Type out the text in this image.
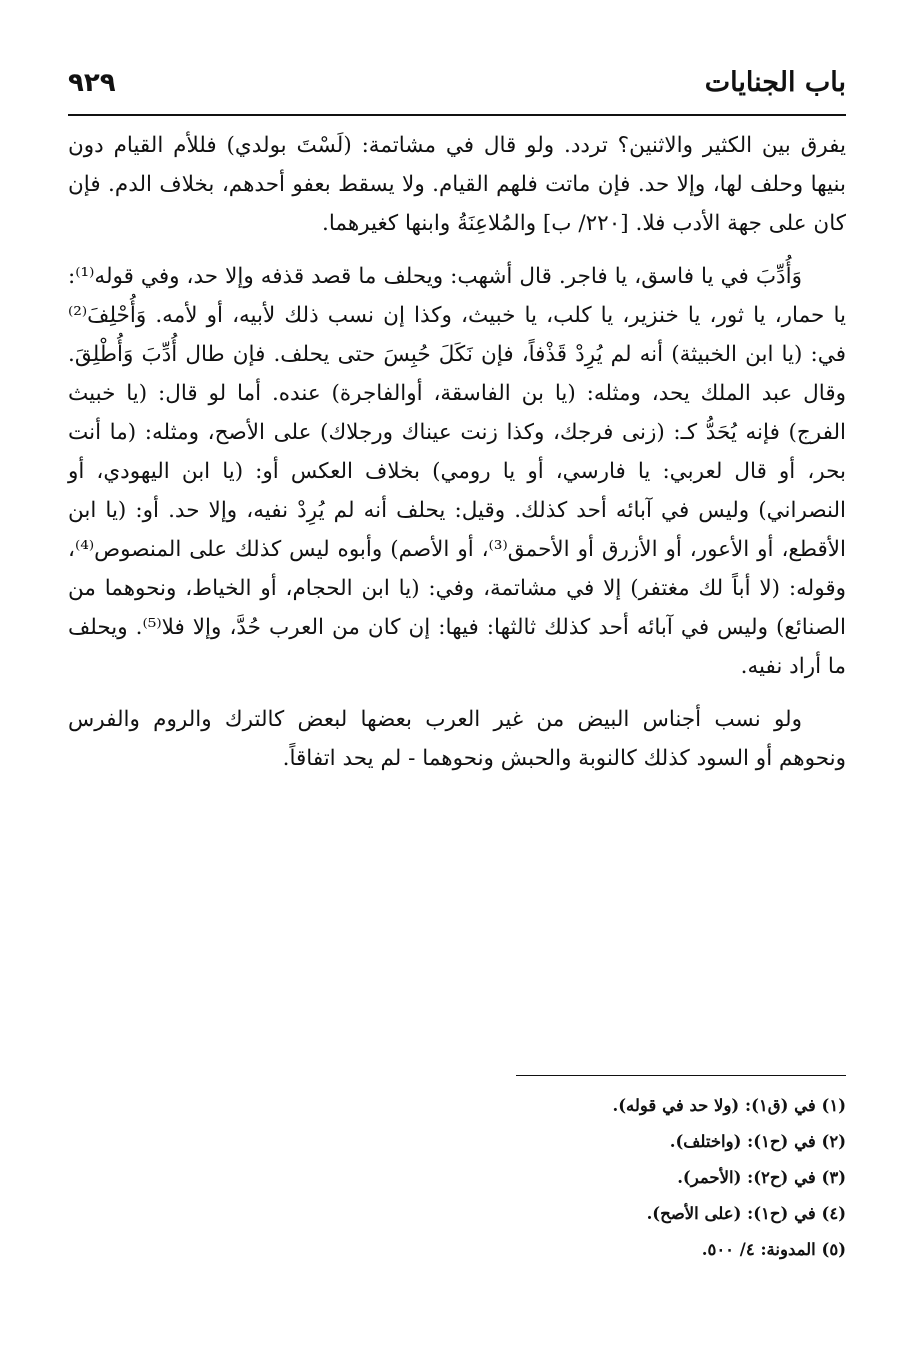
باب الجنايات
٩٢٩

يفرق بين الكثير والاثنين؟ تردد. ولو قال في مشاتمة: (لَسْتَ بولدي) فللأم القيام دون بنيها وحلف لها، وإلا حد. فإن ماتت فلهم القيام. ولا يسقط بعفو أحدهم، بخلاف الدم. فإن كان على جهة الأدب فلا. [٢٢٠/ ب] والمُلاعِنَةُ وابنها كغيرهما.

وَأُدِّبَ في يا فاسق، يا فاجر. قال أشهب: ويحلف ما قصد قذفه وإلا حد، وفي قوله⁽¹⁾: يا حمار، يا ثور، يا خنزير، يا كلب، يا خبيث، وكذا إن نسب ذلك لأبيه، أو لأمه. وَأُحْلِفَ⁽²⁾ في: (يا ابن الخبيثة) أنه لم يُرِدْ قَذْفاً، فإن نَكَلَ حُبِسَ حتى يحلف. فإن طال أُدِّبَ وَأُطْلِقَ. وقال عبد الملك يحد، ومثله: (يا بن الفاسقة، أوالفاجرة) عنده. أما لو قال: (يا خبيث الفرج) فإنه يُحَدُّ كـ: (زنى فرجك، وكذا زنت عيناك ورجلاك) على الأصح، ومثله: (ما أنت بحر، أو قال لعربي: يا فارسي، أو يا رومي) بخلاف العكس أو: (يا ابن اليهودي، أو النصراني) وليس في آبائه أحد كذلك. وقيل: يحلف أنه لم يُرِدْ نفيه، وإلا حد. أو: (يا ابن الأقطع، أو الأعور، أو الأزرق أو الأحمق⁽³⁾، أو الأصم) وأبوه ليس كذلك على المنصوص⁽⁴⁾، وقوله: (لا أباً لك مغتفر) إلا في مشاتمة، وفي: (يا ابن الحجام، أو الخياط، ونحوهما من الصنائع) وليس في آبائه أحد كذلك ثالثها: فيها: إن كان من العرب حُدَّ، وإلا فلا⁽⁵⁾. ويحلف ما أراد نفيه.

ولو نسب أجناس البيض من غير العرب بعضها لبعض كالترك والروم والفرس ونحوهم أو السود كذلك كالنوبة والحبش ونحوهما - لم يحد اتفاقاً.

(١) في (ق١): (ولا حد في قوله).

(٢) في (ح١): (واختلف).

(٣) في (ح٢): (الأحمر).

(٤) في (ح١): (على الأصح).

(٥) المدونة: ٤/ ٥٠٠.
